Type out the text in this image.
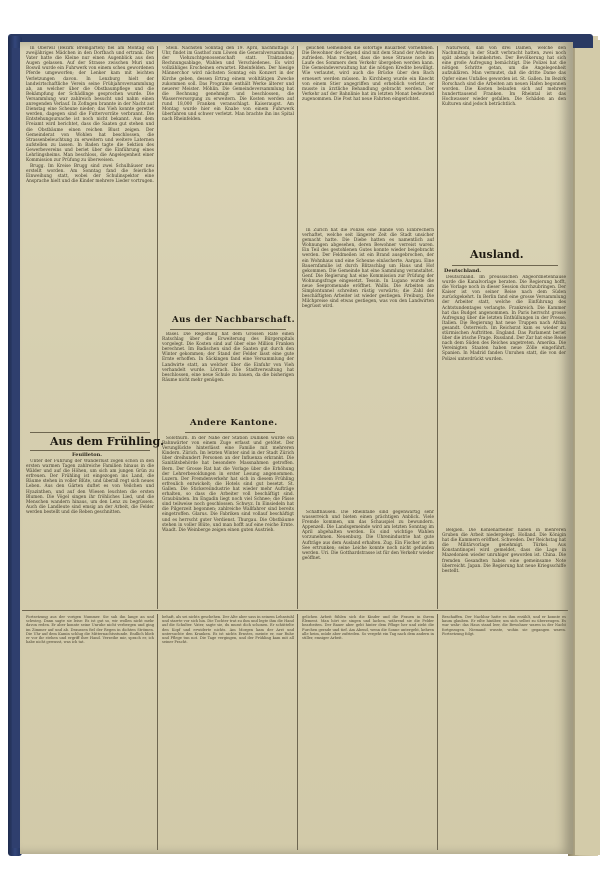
In Oberwil (Bezirk Bremgarten) fiel am Montag ein zweijähriges Mädchen in den Dorfbach und ertrank. Der Vater hatte die Kleine nur einen Augenblick aus den Augen gelassen. Auf der Strasse zwischen Muri und Boswil wurde ein Fuhrwerk von einem scheu gewordenen Pferde umgeworfen; der Lenker kam mit leichten Verletzungen davon. In Lenzburg hielt der landwirtschaftliche Verein seine Frühjahrsversammlung ab, an welcher über die Obstbaumpflege und die Bekämpfung der Schädlinge gesprochen wurde. Die Versammlung war zahlreich besucht und nahm einen anregenden Verlauf. In Zofingen brannte in der Nacht auf Dienstag eine Scheune nieder; das Vieh konnte gerettet werden, dagegen sind die Futtervorräte verbrannt. Die Entstehungsursache ist noch nicht bekannt. Aus dem Freiamt wird berichtet, dass die Saaten gut stehen und die Obstbäume einen reichen Blust zeigen. Der Gemeinderat von Wohlen hat beschlossen, die Strassenbeleuchtung zu erweitern und weitere Laternen aufstellen zu lassen. In Baden tagte die Sektion des Gewerbevereins und beriet über die Einführung eines Lehrlingsheims. Man beschloss, die Angelegenheit einer Kommission zur Prüfung zu überweisen.

Brugg. Im Kreise Brugg sind zwei Schulhäuser neu erstellt worden. Am Sonntag fand die feierliche Einweihung statt, wobei der Schulinspektor eine Ansprache hielt und die Kinder mehrere Lieder vortrugen.

Aus dem Frühling.
Feuilleton.

Unter der Führung der Wanderlust zogen schon in den ersten warmen Tagen zahlreiche Familien hinaus in die Wälder und auf die Höhen, um sich am jungen Grün zu erfreuen. Der Frühling ist eingezogen ins Land, die Bäume stehen in voller Blüte, und überall regt sich neues Leben. Aus den Gärten duftet es von Veilchen und Hyazinthen, und auf den Wiesen leuchten die ersten Blumen. Die Vögel singen ihr fröhliches Lied, und die Menschen wandern hinaus, um den Lenz zu begrüssen. Auch die Landleute sind emsig an der Arbeit, die Felder werden bestellt und die Reben geschnitten.

Stein. Nächsten Sonntag den 19. April, nachmittags 3 Uhr, findet im Gasthof zum Löwen die Generalversammlung der Viehzuchtgenossenschaft statt. Traktanden: Rechnungsablage, Wahlen und Verschiedenes. Es wird vollzähliges Erscheinen erwartet. Rheinfelden. Der hiesige Männerchor wird nächsten Sonntag ein Konzert in der Kirche geben, dessen Ertrag einem wohltätigen Zwecke zukommen soll. Das Programm enthält Werke älterer und neuerer Meister. Möhlin. Die Gemeindeversammlung hat die Rechnung genehmigt und beschlossen, die Wasserversorgung zu erweitern. Die Kosten werden auf rund 18,000 Franken veranschlagt. Kaiseraugst. Am Montag wurde hier ein Knabe von einem Fuhrwerk überfahren und schwer verletzt. Man brachte ihn ins Spital nach Rheinfelden.

Aus der Nachbarschaft.

Basel. Die Regierung hat dem Grossen Rate einen Ratschlag über die Erweiterung des Bürgerspitals vorgelegt. Die Kosten sind auf über eine Million Franken berechnet. Im Badischen sind die Saaten gut durch den Winter gekommen; der Stand der Felder lässt eine gute Ernte erhoffen. In Säckingen fand eine Versammlung der Landwirte statt, an welcher über die Einfuhr von Vieh verhandelt wurde. Lörrach. Die Stadtverwaltung hat beschlossen, eine neue Schule zu bauen, da die bisherigen Räume nicht mehr genügen.

Andere Kantone.

Solothurn. In der Nähe der Station Dulliken wurde ein Bahnwärter von einem Zuge erfasst und getötet. Der Verunglückte hinterlässt eine Familie mit mehreren Kindern. Zürich. Im letzten Winter sind in der Stadt Zürich über dreihundert Personen an der Influenza erkrankt. Die Sanitätsbehörde hat besondere Massnahmen getroffen. Bern. Der Grosse Rat hat die Vorlage über die Erhöhung der Lehrerbesoldungen in erster Lesung angenommen. Luzern. Der Fremdenverkehr hat sich in diesem Frühling erfreulich entwickelt; die Hotels sind gut besetzt. St. Gallen. Die Stickereiindustrie hat wieder mehr Aufträge erhalten, so dass die Arbeiter voll beschäftigt sind. Graubünden. Im Engadin liegt noch viel Schnee; die Pässe sind teilweise noch geschlossen. Schwyz. In Einsiedeln hat die Pilgerzeit begonnen; zahlreiche Wallfahrer sind bereits eingetroffen. Glarus. Die Fabriken sind vollauf beschäftigt und es herrscht guter Verdienst. Thurgau. Die Obstbäume stehen in voller Blüte, und man hofft auf eine reiche Ernte. Waadt. Die Weinberge zeigen einen guten Austrieb.

gelichen Gemeinden die sofortige Bauarbeit vornehmen. Die Bewohner der Gegend sind mit dem Stand der Arbeiten zufrieden. Man rechnet, dass die neue Strasse noch im Laufe des Sommers dem Verkehr übergeben werden kann. Die Gemeindeverwaltung hat die nötigen Kredite bewilligt. Wie verlautet, wird auch die Brücke über den Bach erneuert werden müssen. In Kirchberg wurde ein Knecht von einem Stier angegriffen und erheblich verletzt; er musste in ärztliche Behandlung gebracht werden. Der Verkehr auf der Bahnlinie hat im letzten Monat bedeutend zugenommen. Die Post hat neue Fahrten eingerichtet.

In Zürich hat die Polizei eine Bande von Einbrechern verhaftet, welche seit längerer Zeit die Stadt unsicher gemacht hatte. Die Diebe hatten es namentlich auf Wohnungen abgesehen, deren Bewohner verreist waren. Ein Teil des gestohlenen Gutes konnte wieder beigebracht werden. Der Feldmeilen ist ein Brand ausgebrochen, der ein Wohnhaus und eine Scheune einäscherte. Aargau. Eine Bauernfamilie ist durch Blitzschlag um Haus und Hof gekommen. Die Gemeinde hat eine Sammlung veranstaltet. Genf. Die Regierung hat eine Kommission zur Prüfung der Wohnungsfrage eingesetzt. Tessin. In Lugano wurde die neue Seepromenade eröffnet. Wallis. Die Arbeiten am Simplontunnel schreiten rüstig vorwärts; die Zahl der beschäftigten Arbeiter ist wieder gestiegen. Freiburg. Die Milchpreise sind etwas gestiegen, was von den Landwirten begrüsst wird.

Schaffhausen. Die Rheinfälle sind gegenwärtig sehr wasserreich und bieten einen prächtigen Anblick. Viele Fremde kommen, um das Schauspiel zu bewundern. Appenzell. Die Landsgemeinde wird am letzten Sonntag im April abgehalten werden. Es sind wichtige Wahlen vorzunehmen. Neuenburg. Die Uhrenindustrie hat gute Aufträge aus dem Ausland erhalten. Zug. Ein Fischer ist im See ertrunken; seine Leiche konnte noch nicht gefunden werden. Uri. Die Gotthardstrasse ist für den Verkehr wieder geöffnet.

Naturwohl, daß von drei Damen, welche den Nachmittag in der Stadt verbracht hatten, zwei noch spät abends heimkehrten. Der Bevölkerung hat sich eine große Aufregung bemächtigt. Die Polizei hat die nötigen Schritte getan, um die Angelegenheit aufzuklären. Man vermutet, daß die dritte Dame das Opfer eines Unfalles geworden ist. St. Gallen. Im Bezirk Rorschach sind die Arbeiten am neuen Hafen begonnen worden. Die Kosten belaufen sich auf mehrere hunderttausend Franken. Im Rheintal ist das Hochwasser wieder gefallen. Die Schäden an den Kulturen sind jedoch beträchtlich.

Ausland.
Deutschland.

Deutschland. Im preussischen Abgeordnetenhause wurde die Kanalvorlage beraten. Die Regierung hofft, die Vorlage noch in dieser Session durchzubringen. Der Kaiser ist von seiner Reise nach dem Süden zurückgekehrt. In Berlin fand eine grosse Versammlung der Arbeiter statt, welche die Einführung des Achtstundentages verlangte. Frankreich. Die Kammer hat das Budget angenommen. In Paris herrscht grosse Aufregung über die letzten Enthüllungen in der Presse. Italien. Die Regierung hat neue Truppen nach Afrika gesandt. Österreich. Im Reichsrat kam es wieder zu stürmischen Auftritten. England. Das Parlament beriet über die irische Frage. Russland. Der Zar hat eine Reise nach dem Süden des Reiches angetreten. Amerika. Die Vereinigten Staaten haben neue Zölle eingeführt. Spanien. In Madrid fanden Unruhen statt, die von der Polizei unterdrückt wurden.

Belgien. Die Kohlenarbeiter haben in mehreren Gruben die Arbeit niedergelegt. Holland. Die Königin hat die Kammern eröffnet. Schweden. Der Reichstag hat die Militärvorlage genehmigt. Türkei. Aus Konstantinopel wird gemeldet, dass die Lage in Mazedonien wieder unruhiger geworden ist. China. Die fremden Gesandten haben eine gemeinsame Note überreicht. Japan. Die Regierung hat neue Kriegsschiffe bestellt.

Fortsetzung aus der vorigen Nummer. Sie sah ihn lange an und schwieg. Dann sagte sie leise: Es ist gut so, wir wollen nicht mehr davon reden. Er aber konnte seine Unruhe nicht verbergen und ging im Zimmer auf und ab. Draussen fiel der Regen in dichten Strömen. Die Uhr auf dem Kamin schlug die Mitternachtsstunde. Endlich blieb er vor ihr stehen und ergriff ihre Hand. Verzeihe mir, sprach er, ich habe nicht gewusst, was ich tat.
behaft, als sei nichts geschehen. Der Alte aber sass in seinem Lehnstuhl und starrte vor sich hin. Die Tochter trat zu ihm und legte ihm die Hand auf die Schulter. Vater, sagte sie, du musst dich schonen. Er schüttelte den Kopf und erwiderte nichts. Am Morgen kam der Arzt und untersuchte den Kranken. Es ist nichts Ernstes, meinte er, nur Ruhe und Pflege tun not. Die Tage vergingen, und der Frühling kam mit all seiner Pracht.
gelichen Arbeit fühlen sich die Kinder und die Frauen in ihrem Element. Man hört sie singen und lachen, während sie die Felder bearbeiten. Der Bauer aber geht hinter dem Pfluge her und zieht die Furchen gerade und tief. Am Abend, wenn die Sonne untergeht, kehren alle heim, müde aber zufrieden. So vergeht ein Tag nach dem andern in stiller, emsiger Arbeit.
Beschaffen. Der Nachbar hatte es ihm erzählt, und er konnte es kaum glauben. Er eilte hinüber, um sich selbst zu überzeugen. Es war wahr: das Haus stand leer, die Bewohner waren in der Nacht fortgezogen. Niemand wusste, wohin sie gegangen waren. Fortsetzung folgt.
